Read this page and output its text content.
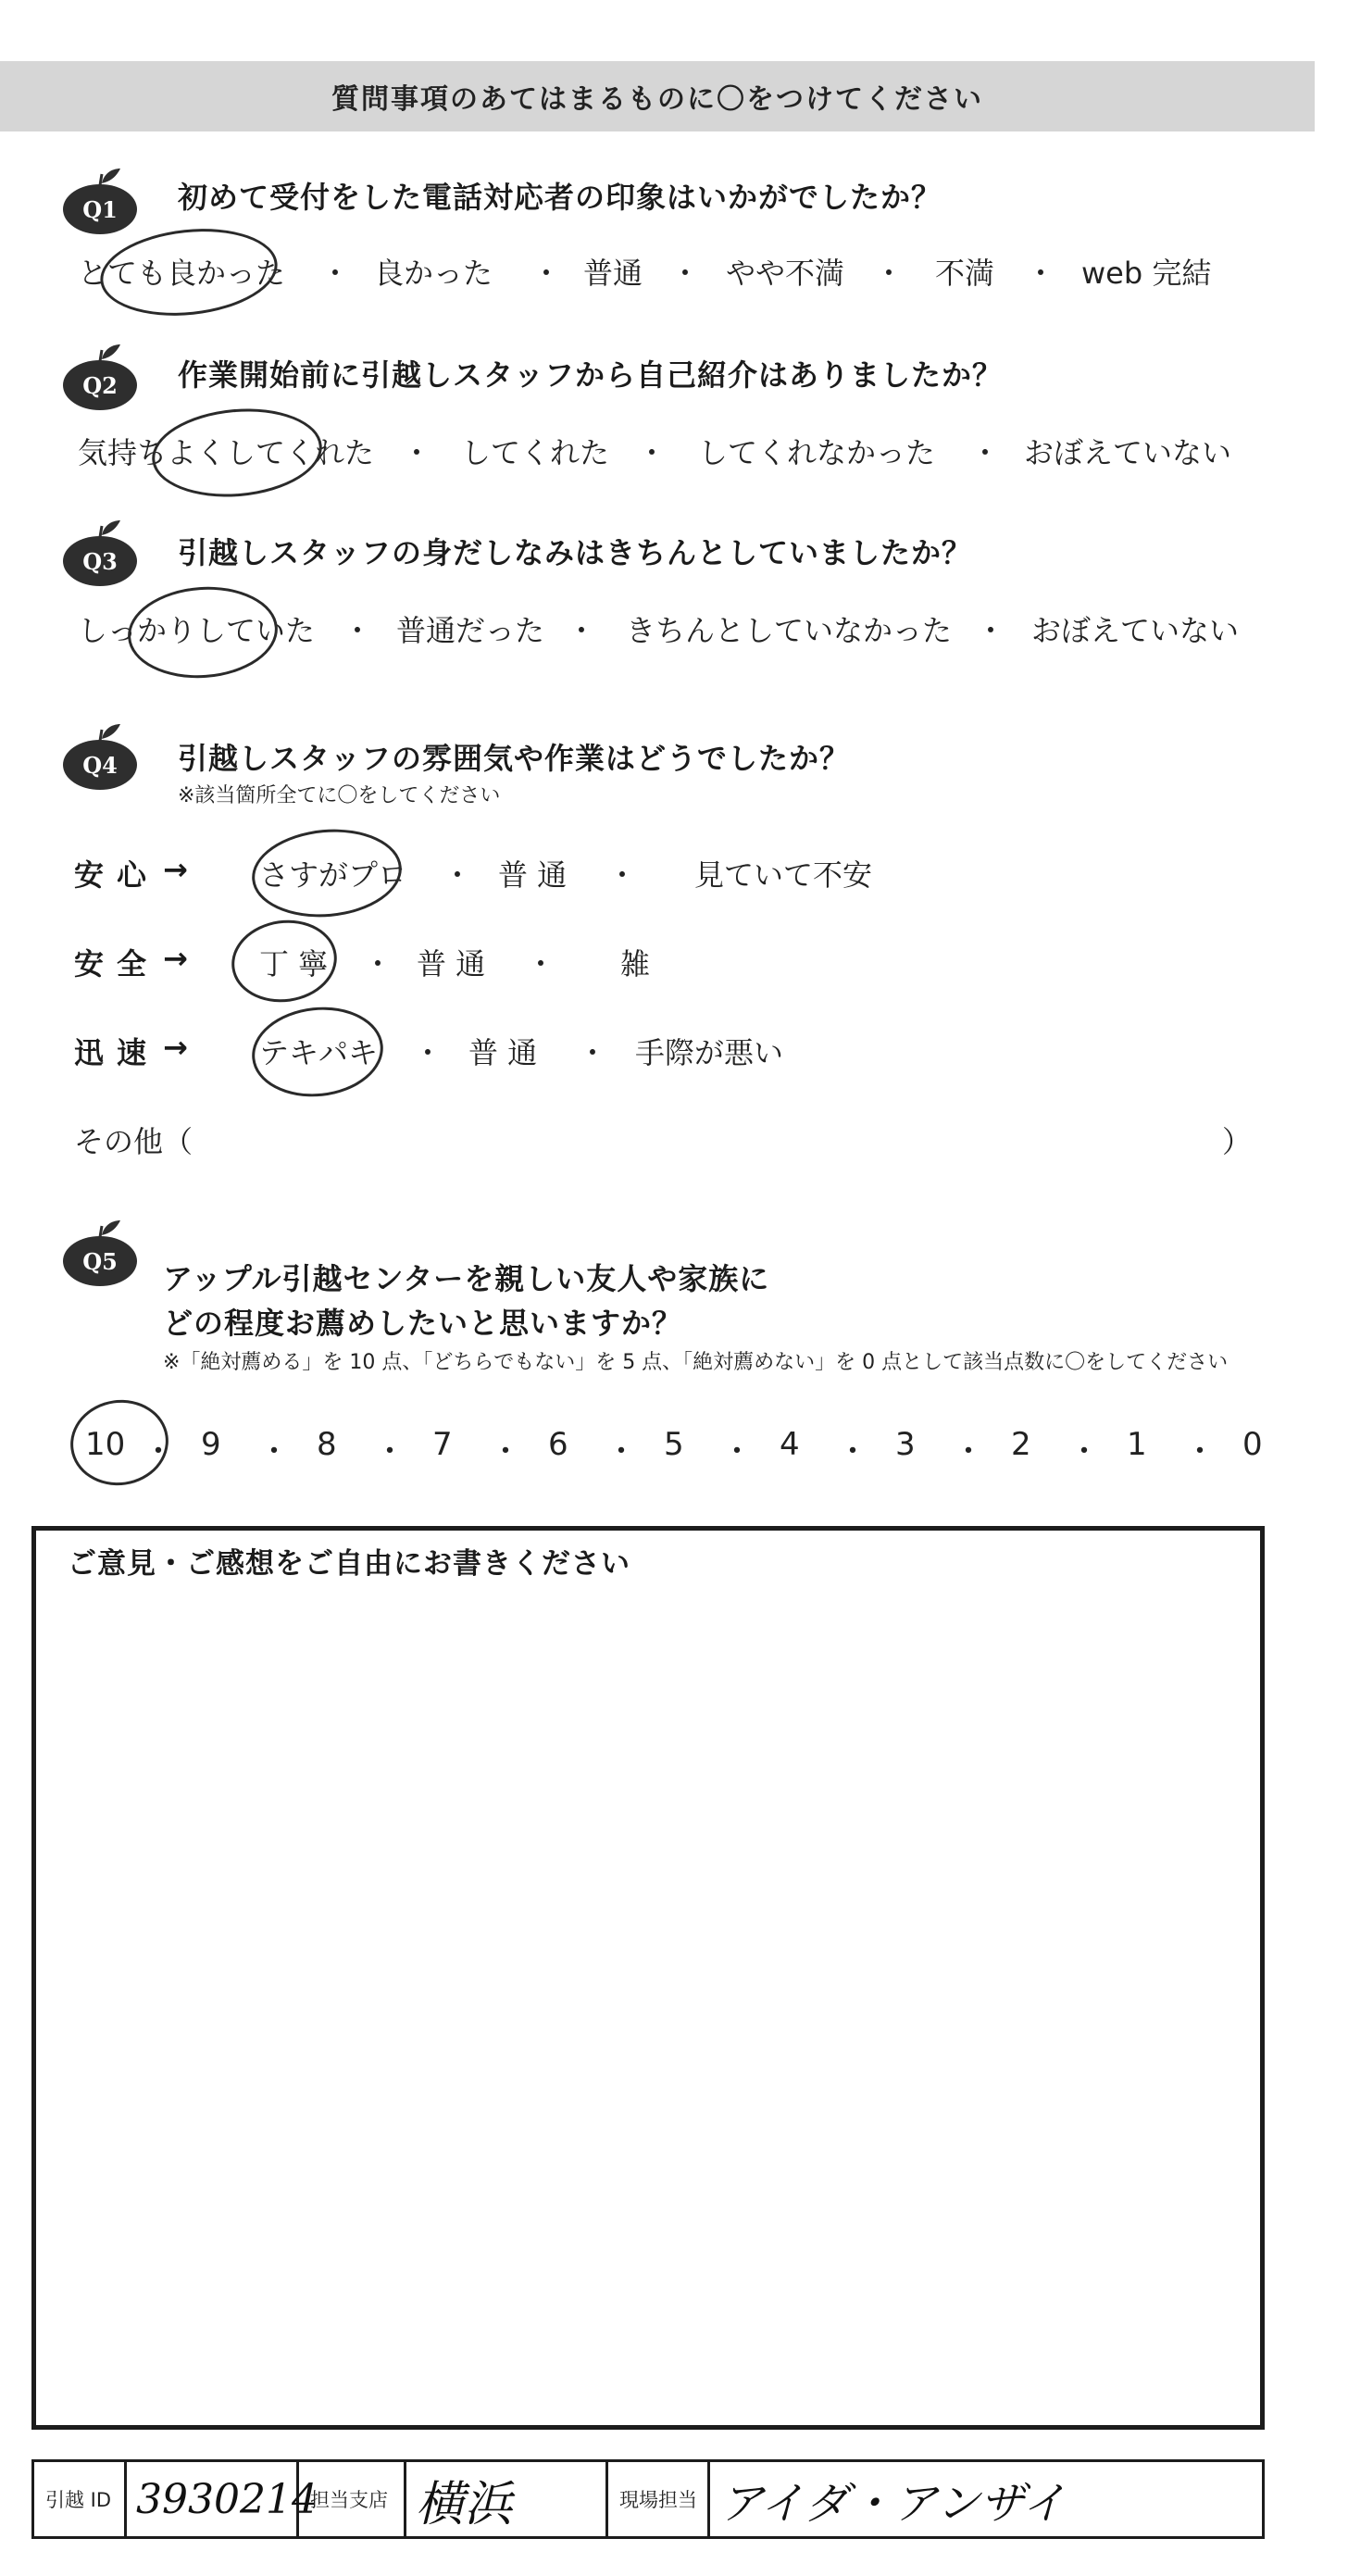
質問事項のあてはまるものに〇をつけてください
Q1
Q2
Q3
Q4
Q5
初めて受付をした電話対応者の印象はいかがでしたか？
とても良かった ・ 良かった ・ 普通 ・ やや不満 ・ 不満 ・ web 完結
作業開始前に引越しスタッフから自己紹介はありましたか？
気持ちよくしてくれた ・ してくれた ・ してくれなかった ・ おぼえていない
引越しスタッフの身だしなみはきちんとしていましたか？
しっかりしていた ・ 普通だった ・ きちんとしていなかった ・ おぼえていない
引越しスタッフの雰囲気や作業はどうでしたか？
※該当箇所全てに〇をしてください
安心 → さすがプロ ・ 普 通 ・ 見ていて不安
安全 → 丁 寧 ・ 普 通 ・ 雑
迅速 → テキパキ ・ 普 通 ・ 手際が悪い
その他（	）
アップル引越センターを親しい友人や家族に
どの程度お薦めしたいと思いますか？
※「絶対薦める」を 10 点、「どちらでもない」を 5 点、「絶対薦めない」を 0 点として該当点数に〇をしてください
10 ・ 9 ・ 8 ・ 7 ・ 6 ・ 5 ・ 4 ・ 3 ・ 2 ・ 1 ・ 0
ご意見・ご感想をご自由にお書きください
引越 ID 3930214
担当支店 横浜	現場担当 アイダ・アンザイ
